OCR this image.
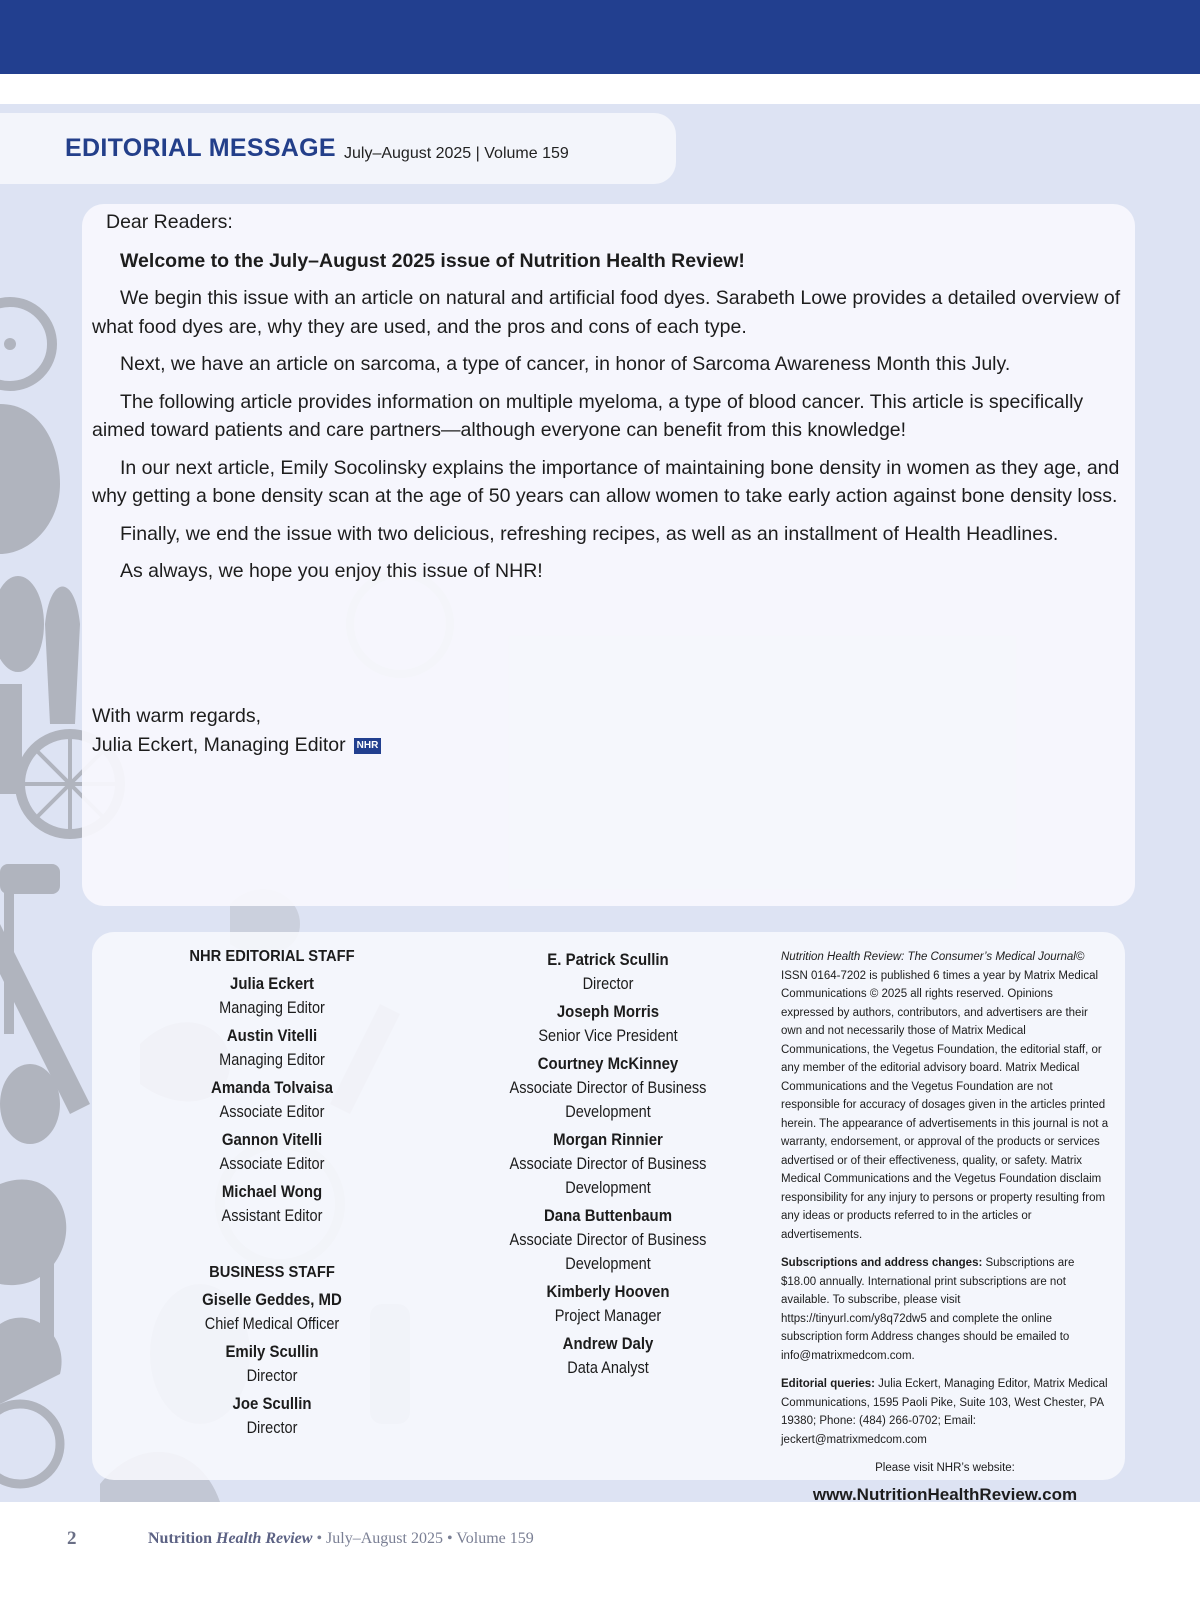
EDITORIAL MESSAGE July–August 2025 | Volume 159

Dear Readers:

Welcome to the July–August 2025 issue of Nutrition Health Review!

We begin this issue with an article on natural and artificial food dyes. Sarabeth Lowe provides a detailed overview of what food dyes are, why they are used, and the pros and cons of each type.

Next, we have an article on sarcoma, a type of cancer, in honor of Sarcoma Awareness Month this July.

The following article provides information on multiple myeloma, a type of blood cancer. This article is specifically aimed toward patients and care partners—although everyone can benefit from this knowledge!

In our next article, Emily Socolinsky explains the importance of maintaining bone density in women as they age, and why getting a bone density scan at the age of 50 years can allow women to take early action against bone density loss.

Finally, we end the issue with two delicious, refreshing recipes, as well as an installment of Health Headlines.

As always, we hope you enjoy this issue of NHR!

With warm regards,
Julia Eckert, Managing Editor NHR
NHR EDITORIAL STAFF
Julia Eckert
Managing Editor
Austin Vitelli
Managing Editor
Amanda Tolvaisa
Associate Editor
Gannon Vitelli
Associate Editor
Michael Wong
Assistant Editor
BUSINESS STAFF
Giselle Geddes, MD
Chief Medical Officer
Emily Scullin
Director
Joe Scullin
Director
E. Patrick Scullin
Director
Joseph Morris
Senior Vice President
Courtney McKinney
Associate Director of Business Development
Morgan Rinnier
Associate Director of Business Development
Dana Buttenbaum
Associate Director of Business Development
Kimberly Hooven
Project Manager
Andrew Daly
Data Analyst

Nutrition Health Review: The Consumer’s Medical Journal©
ISSN 0164-7202 is published 6 times a year by Matrix Medical Communications © 2025 all rights reserved. Opinions expressed by authors, contributors, and advertisers are their own and not necessarily those of Matrix Medical Communications, the Vegetus Foundation, the editorial staff, or any member of the editorial advisory board. Matrix Medical Communications and the Vegetus Foundation are not responsible for accuracy of dosages given in the articles printed herein. The appearance of advertisements in this journal is not a warranty, endorsement, or approval of the products or services advertised or of their effectiveness, quality, or safety. Matrix Medical Communications and the Vegetus Foundation disclaim responsibility for any injury to persons or property resulting from any ideas or products referred to in the articles or advertisements.

Subscriptions and address changes: Subscriptions are $18.00 annually. International print subscriptions are not available. To subscribe, please visit https://tinyurl.com/y8q72dw5 and complete the online subscription form Address changes should be emailed to info@matrixmedcom.com.

Editorial queries: Julia Eckert, Managing Editor, Matrix Medical Communications, 1595 Paoli Pike, Suite 103, West Chester, PA 19380; Phone: (484) 266-0702; Email: jeckert@matrixmedcom.com

Please visit NHR’s website:

www.NutritionHealthReview.com
2	Nutrition Health Review • July–August 2025 • Volume 159
